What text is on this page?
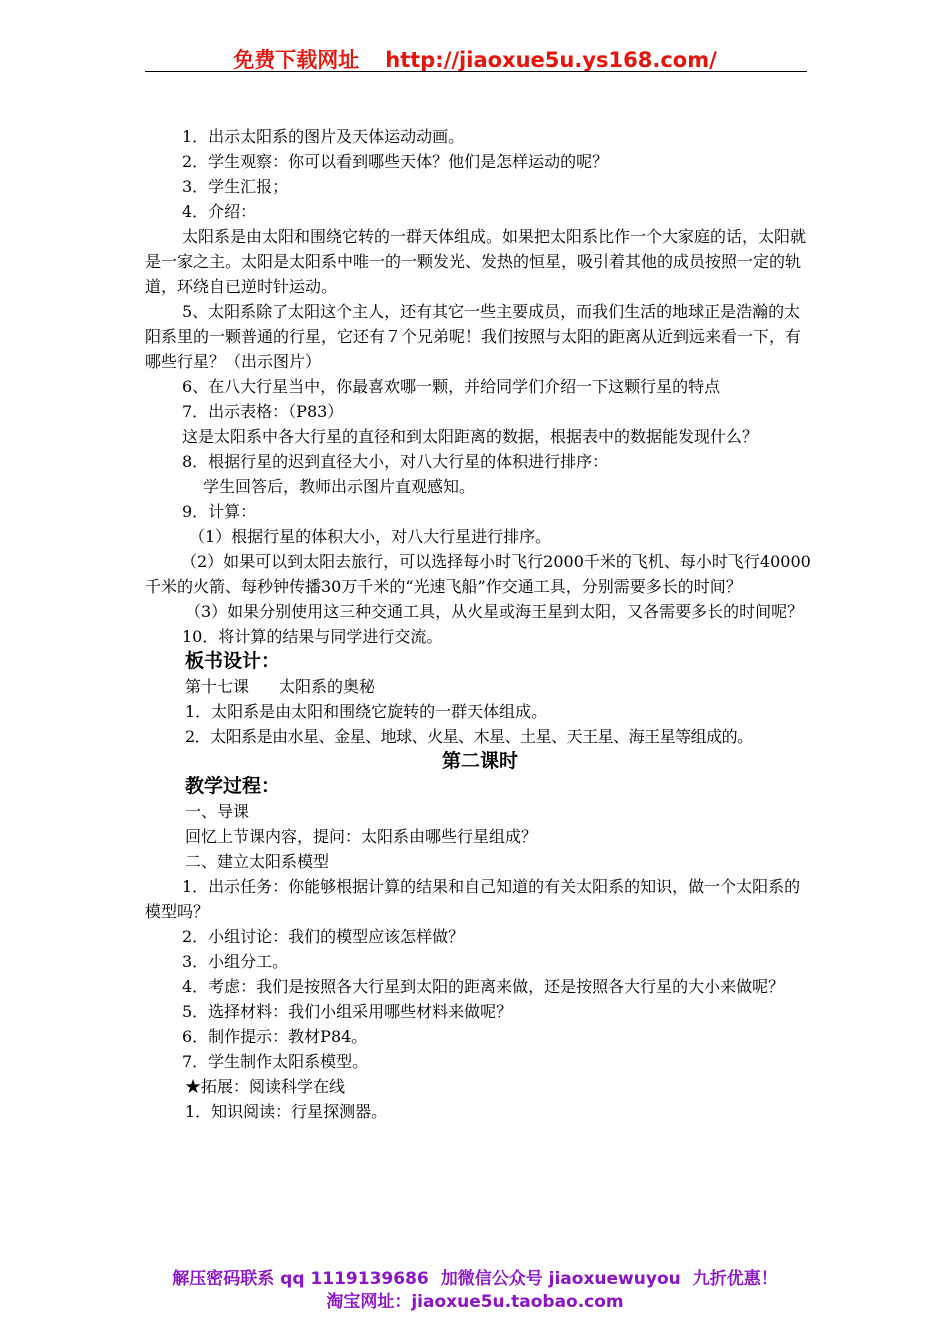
免费下载网址 http://jiaoxue5u.ys168.com/

1．出示太阳系的图片及天体运动动画。

2．学生观察：你可以看到哪些天体？他们是怎样运动的呢？

3．学生汇报；

4．介绍：

太阳系是由太阳和围绕它转的一群天体组成。如果把太阳系比作一个大家庭的话，太阳就是一家之主。太阳是太阳系中唯一的一颗发光、发热的恒星，吸引着其他的成员按照一定的轨道，环绕自已逆时针运动。

5、太阳系除了太阳这个主人，还有其它一些主要成员，而我们生活的地球正是浩瀚的太阳系里的一颗普通的行星，它还有７个兄弟呢！我们按照与太阳的距离从近到远来看一下，有哪些行星？（出示图片）

6、在八大行星当中，你最喜欢哪一颗，并给同学们介绍一下这颗行星的特点

7．出示表格：（P83）

这是太阳系中各大行星的直径和到太阳距离的数据，根据表中的数据能发现什么？

8．根据行星的迟到直径大小，对八大行星的体积进行排序：

学生回答后，教师出示图片直观感知。

9．计算：

（1）根据行星的体积大小，对八大行星进行排序。

（2）如果可以到太阳去旅行，可以选择每小时飞行2000千米的飞机、每小时飞行40000千米的火箭、每秒钟传播30万千米的“光速飞船”作交通工具，分别需要多长的时间？

（3）如果分别使用这三种交通工具，从火星或海王星到太阳，又各需要多长的时间呢？

10．将计算的结果与同学进行交流。

板书设计：

第十七课 太阳系的奥秘

1．太阳系是由太阳和围绕它旋转的一群天体组成。

2．太阳系是由水星、金星、地球、火星、木星、土星、天王星、海王星等组成的。

第二课时

教学过程：

一、导课

回忆上节课内容，提问：太阳系由哪些行星组成？

二、建立太阳系模型

1．出示任务：你能够根据计算的结果和自己知道的有关太阳系的知识，做一个太阳系的模型吗？

2．小组讨论：我们的模型应该怎样做？

3．小组分工。

4．考虑：我们是按照各大行星到太阳的距离来做，还是按照各大行星的大小来做呢？

5．选择材料：我们小组采用哪些材料来做呢？

6．制作提示：教材P84。

7．学生制作太阳系模型。

★拓展：阅读科学在线

1．知识阅读：行星探测器。

解压密码联系 qq 1119139686 加微信公众号 jiaoxuewuyou 九折优惠！
淘宝网址：jiaoxue5u.taobao.com
